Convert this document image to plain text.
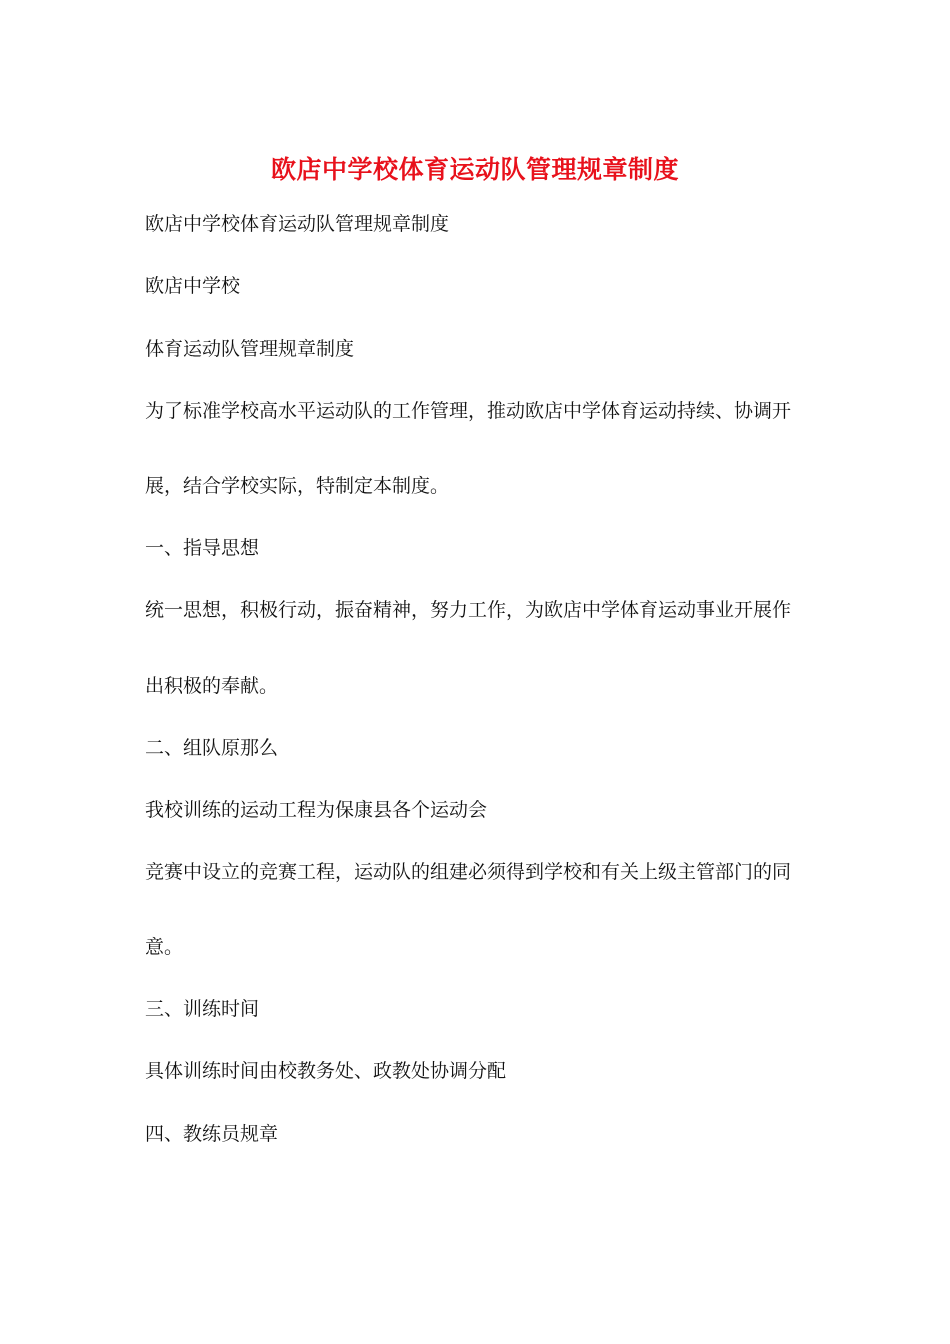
欧店中学校体育运动队管理规章制度
欧店中学校体育运动队管理规章制度
欧店中学校
体育运动队管理规章制度
为了标准学校高水平运动队的工作管理，推动欧店中学体育运动持续、协调开
展，结合学校实际，特制定本制度。
一、指导思想
统一思想，积极行动，振奋精神，努力工作，为欧店中学体育运动事业开展作
出积极的奉献。
二、组队原那么
我校训练的运动工程为保康县各个运动会
竞赛中设立的竞赛工程，运动队的组建必须得到学校和有关上级主管部门的同
意。
三、训练时间
具体训练时间由校教务处、政教处协调分配
四、教练员规章
